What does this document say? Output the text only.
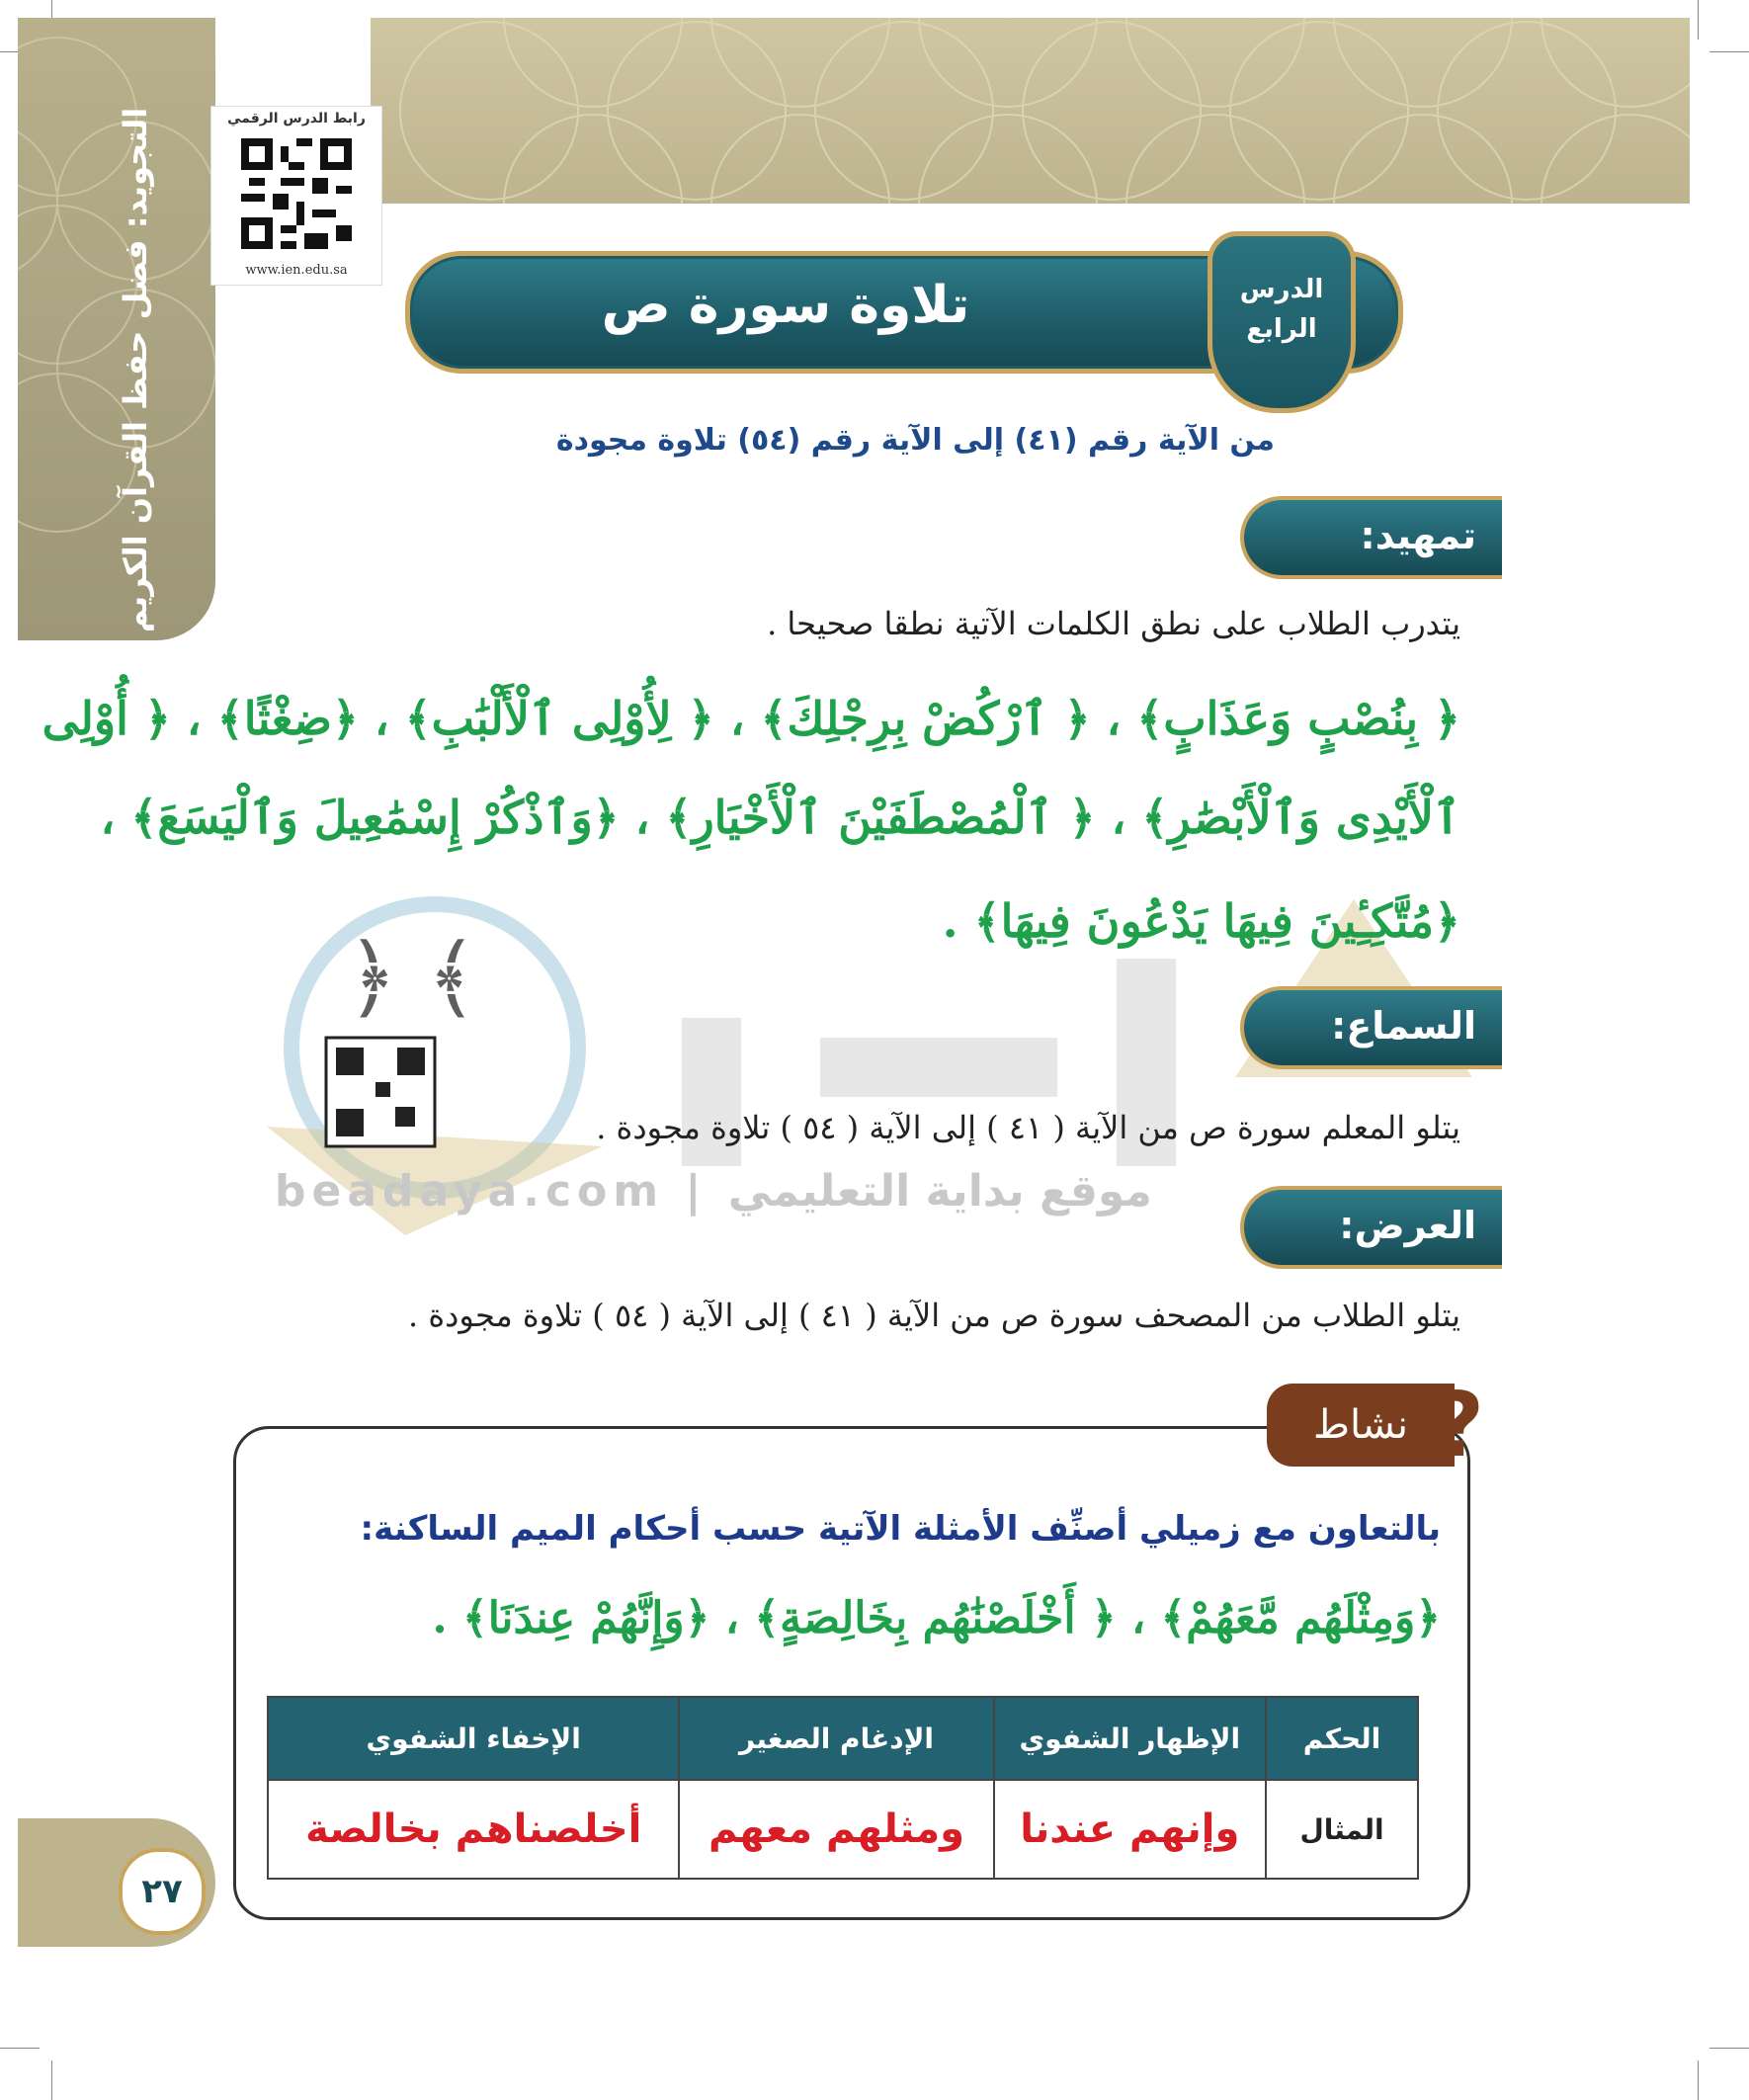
التجويد: فضل حفظ القرآن الكريم	رابط الدرس الرقمي
www.ien.edu.sa
تلاوة سورة ص	الدرس
الرابع
من الآية رقم (٤١) إلى الآية رقم (٥٤) تلاوة مجودة
﴿ ﴾
beadaya.com | موقع بداية التعليمي
تمهيد:
يتدرب الطلاب على نطق الكلمات الآتية نطقا صحيحا .
﴿ بِنُصْبٍ وَعَذَابٍ﴾ ، ﴿ ٱرْكُضْ بِرِجْلِكَ﴾ ، ﴿ لِأُوْلِى ٱلْأَلْبَٰبِ﴾ ، ﴿ضِغْثًا﴾ ، ﴿ أُوْلِى
ٱلْأَيْدِى وَٱلْأَبْصَٰرِ﴾ ، ﴿ ٱلْمُصْطَفَيْنَ ٱلْأَخْيَارِ﴾ ، ﴿وَٱذْكُرْ إِسْمَٰعِيلَ وَٱلْيَسَعَ﴾ ،
﴿مُتَّكِـِٔينَ فِيهَا يَدْعُونَ فِيهَا﴾ .
السماع:
يتلو المعلم سورة ص من الآية ( ٤١ ) إلى الآية ( ٥٤ ) تلاوة مجودة .
العرض:
يتلو الطلاب من المصحف سورة ص من الآية ( ٤١ ) إلى الآية ( ٥٤ ) تلاوة مجودة .
نشاط ?
بالتعاون مع زميلي أصنِّف الأمثلة الآتية حسب أحكام الميم الساكنة:
﴿وَمِثْلَهُم مَّعَهُمْ﴾ ، ﴿ أَخْلَصْنَٰهُم بِخَالِصَةٍ﴾ ، ﴿وَإِنَّهُمْ عِندَنَا﴾ .
الحكم	الإظهار الشفوي	الإدغام الصغير	الإخفاء الشفوي
المثال	وإنهم عندنا	ومثلهم معهم	أخلصناهم بخالصة
٢٧
